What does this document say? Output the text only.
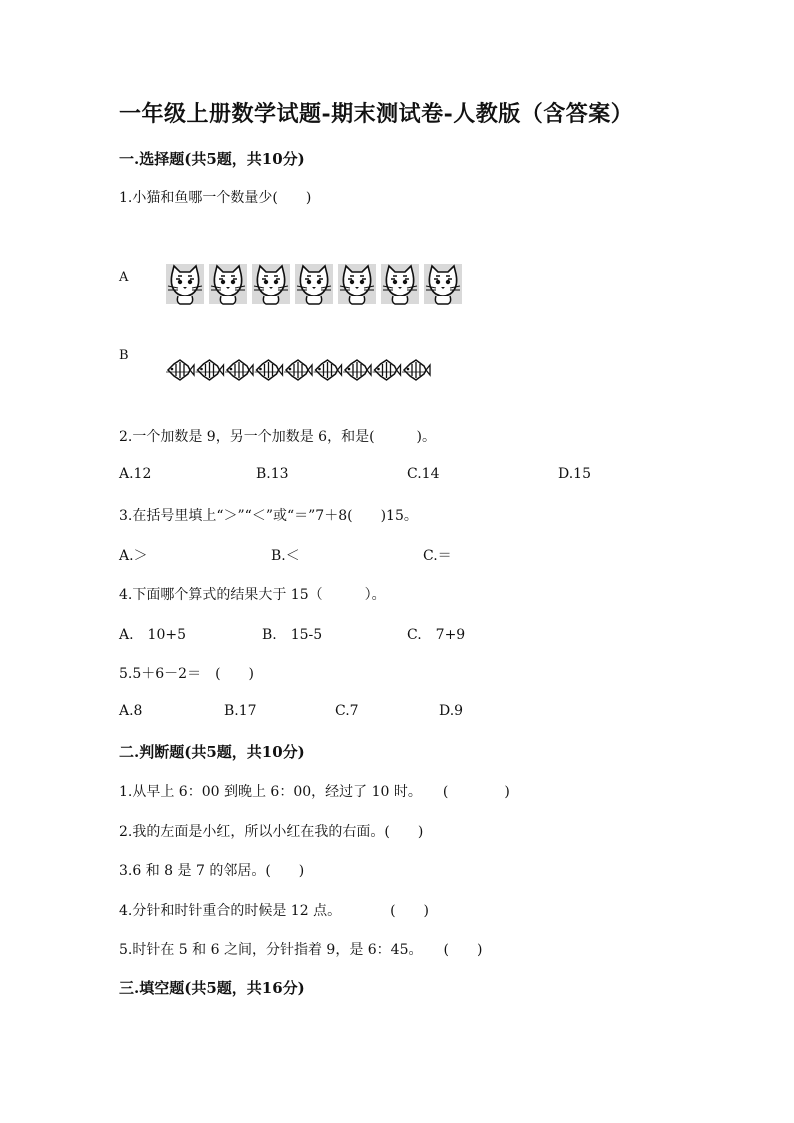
一年级上册数学试题-期末测试卷-人教版（含答案）
一.选择题(共5题，共10分)
1.小猫和鱼哪一个数量少(　　)
A
B
2.一个加数是 9，另一个加数是 6，和是(　　　)。
A.12	B.13	C.14	D.15
3.在括号里填上“＞”“＜”或“＝”7＋8(　　)15。
A.＞	B.＜	C.＝
4.下面哪个算式的结果大于 15（　　　）。
A.　10+5	B.　15-5	C.　7+9
5.5＋6－2＝　(　　)
A.8	B.17	C.7	D.9
二.判断题(共5题，共10分)
1.从早上 6：00 到晚上 6：00，经过了 10 时。　　(　　　　)
2.我的左面是小红，所以小红在我的右面。(　　)
3.6 和 8 是 7 的邻居。(　　)
4.分针和时针重合的时候是 12 点。　　　　(　　)
5.时针在 5 和 6 之间，分针指着 9，是 6：45。　　(　　)
三.填空题(共5题，共16分)
